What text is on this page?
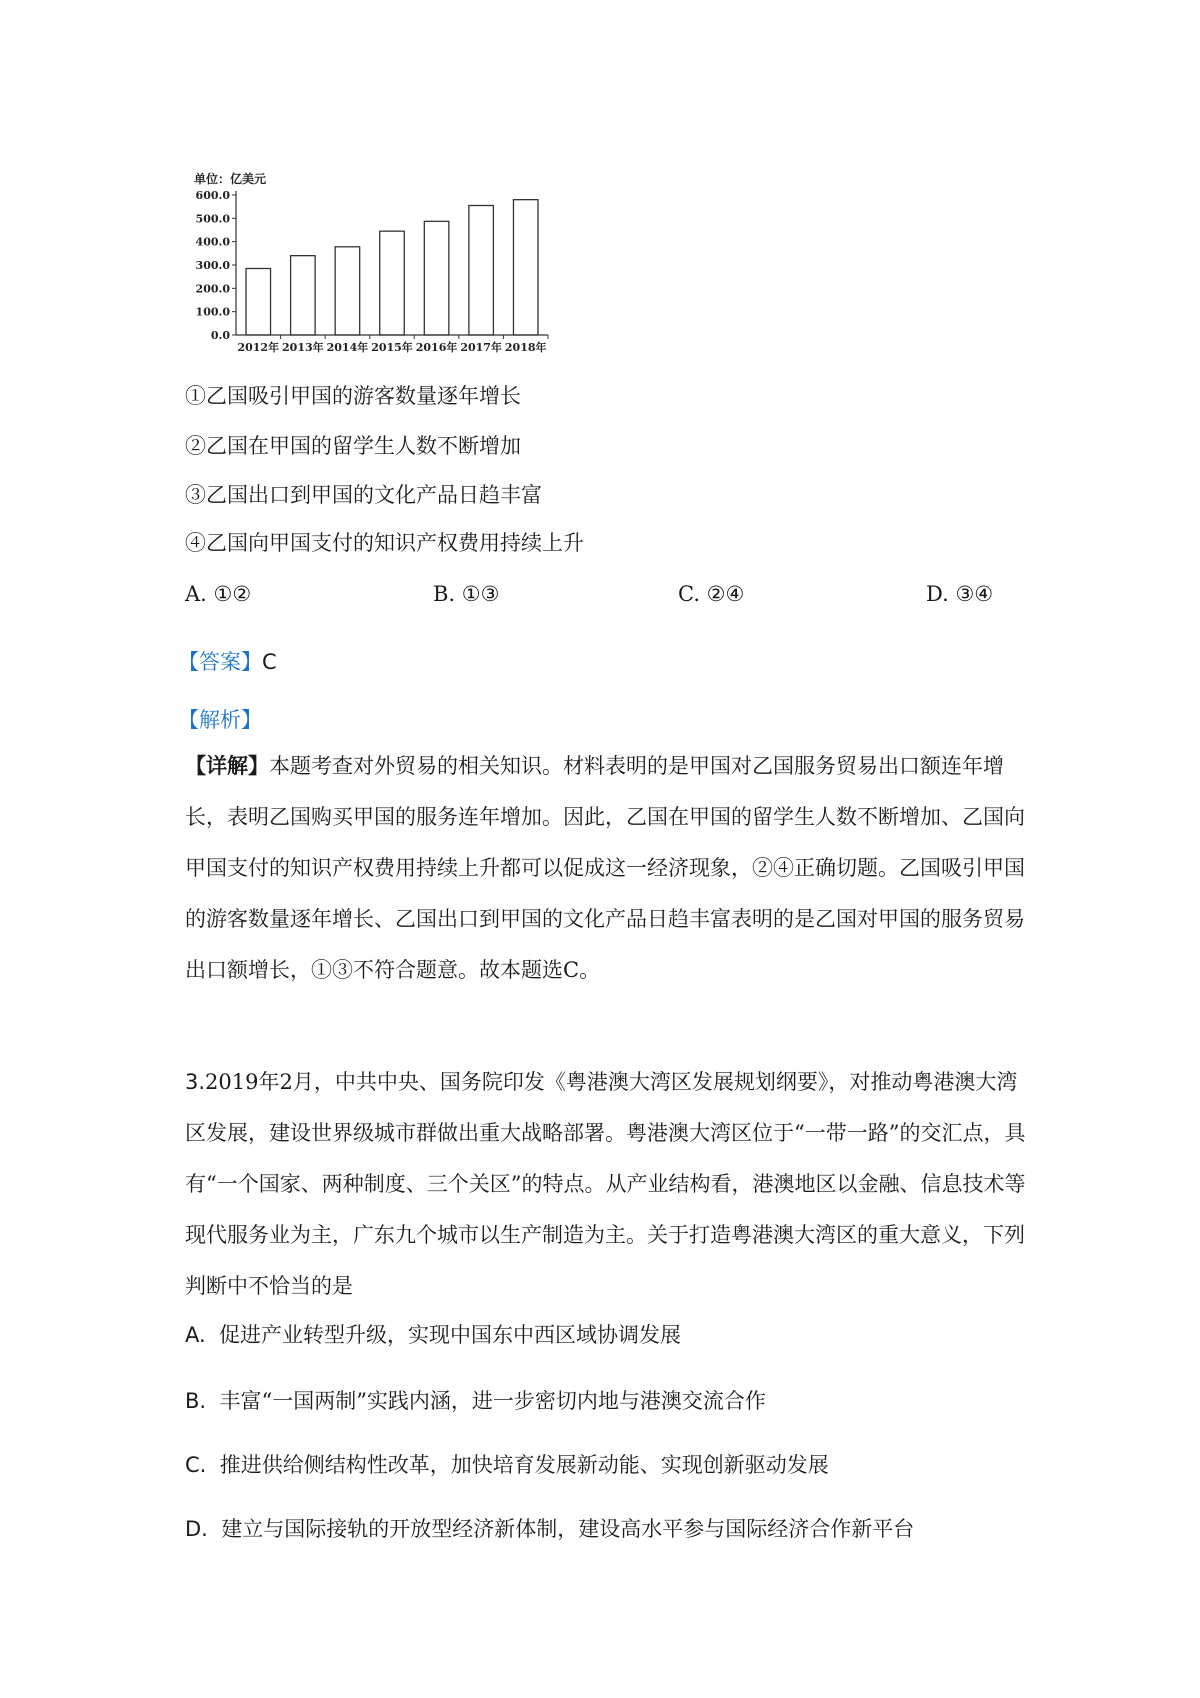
单位：亿美元
0.0
100.0
200.0
300.0
400.0
500.0
600.0
2012年 2013年 2014年 2015年 2016年 2017年 2018年
①乙国吸引甲国的游客数量逐年增长
②乙国在甲国的留学生人数不断增加
③乙国出口到甲国的文化产品日趋丰富
④乙国向甲国支付的知识产权费用持续上升
A. ①②	B. ①③	C. ②④	D. ③④
【答案】C
【解析】
【详解】本题考查对外贸易的相关知识。材料表明的是甲国对乙国服务贸易出口额连年增长，表明乙国购买甲国的服务连年增加。因此，乙国在甲国的留学生人数不断增加、乙国向甲国支付的知识产权费用持续上升都可以促成这一经济现象，②④正确切题。乙国吸引甲国的游客数量逐年增长、乙国出口到甲国的文化产品日趋丰富表明的是乙国对甲国的服务贸易出口额增长，①③不符合题意。故本题选C。
3.2019年2月，中共中央、国务院印发《粤港澳大湾区发展规划纲要》，对推动粤港澳大湾区发展，建设世界级城市群做出重大战略部署。粤港澳大湾区位于“一带一路”的交汇点，具有“一个国家、两种制度、三个关区”的特点。从产业结构看，港澳地区以金融、信息技术等现代服务业为主，广东九个城市以生产制造为主。关于打造粤港澳大湾区的重大意义，下列判断中不恰当的是
A. 促进产业转型升级，实现中国东中西区域协调发展
B. 丰富“一国两制”实践内涵，进一步密切内地与港澳交流合作
C. 推进供给侧结构性改革，加快培育发展新动能、实现创新驱动发展
D. 建立与国际接轨的开放型经济新体制，建设高水平参与国际经济合作新平台
